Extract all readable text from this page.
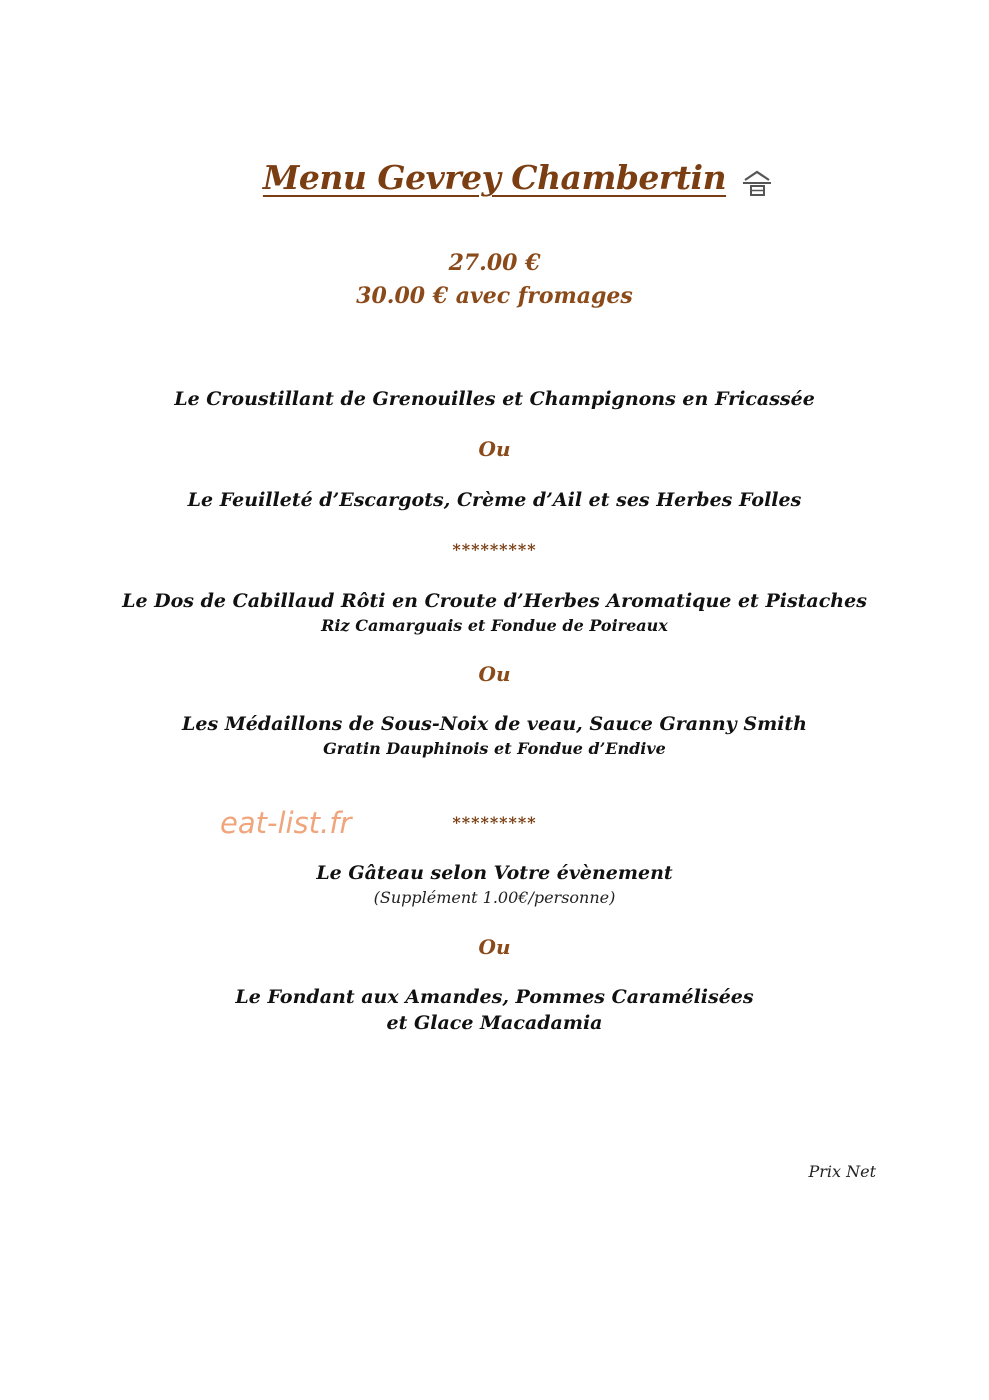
Menu Gevrey Chambertin
27.00 €
30.00 € avec fromages
Le Croustillant de Grenouilles et Champignons en Fricassée
Ou
Le Feuilleté d’Escargots, Crème d’Ail et ses Herbes Folles
*********
Le Dos de Cabillaud Rôti en Croute d’Herbes Aromatique et Pistaches
Riz Camarguais et Fondue de Poireaux
Ou
Les Médaillons de Sous-Noix de veau, Sauce Granny Smith
Gratin Dauphinois et Fondue d’Endive
eat-list.fr	*********
Le Gâteau selon Votre évènement
(Supplément 1.00€/personne)
Ou
Le Fondant aux Amandes, Pommes Caramélisées
et Glace Macadamia
Prix Net
